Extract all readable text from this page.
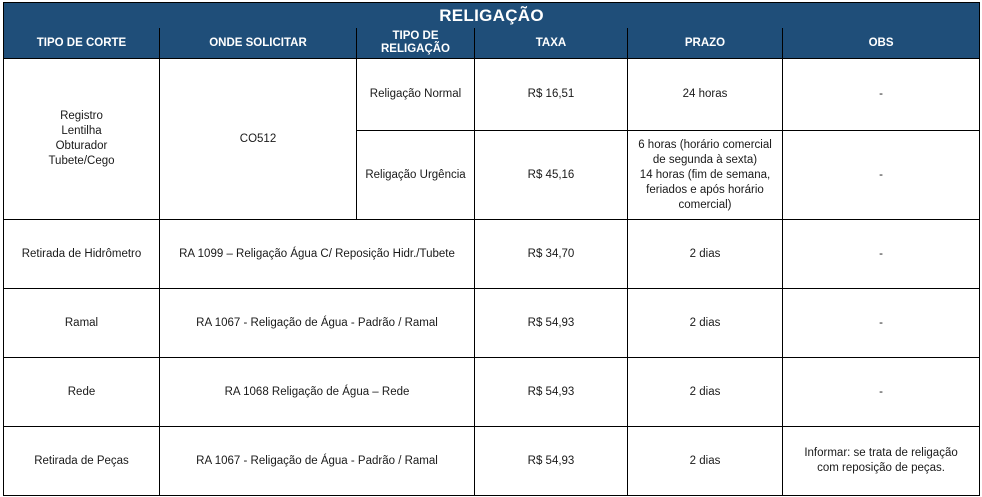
RELIGAÇÃO					
TIPO DE CORTE	ONDE SOLICITAR	TIPO DE
RELIGAÇÃO	TAXA	PRAZO	OBS
Registro
Lentilha
Obturador
Tubete/Cego	CO512	Religação Normal	R$ 16,51	24 horas	-
		Religação Urgência	R$ 45,16	6 horas (horário comercial
de segunda à sexta)
14 horas (fim de semana,
feriados e após horário
comercial)	-
Retirada de Hidrômetro	RA 1099 – Religação Água C/ Reposição Hidr./Tubete		R$ 34,70	2 dias	-
Ramal	RA 1067 - Religação de Água - Padrão / Ramal		R$ 54,93	2 dias	-
Rede	RA 1068 Religação de Água – Rede		R$ 54,93	2 dias	-
Retirada de Peças	RA 1067 - Religação de Água - Padrão / Ramal		R$ 54,93	2 dias	Informar: se trata de religação
com reposição de peças.
